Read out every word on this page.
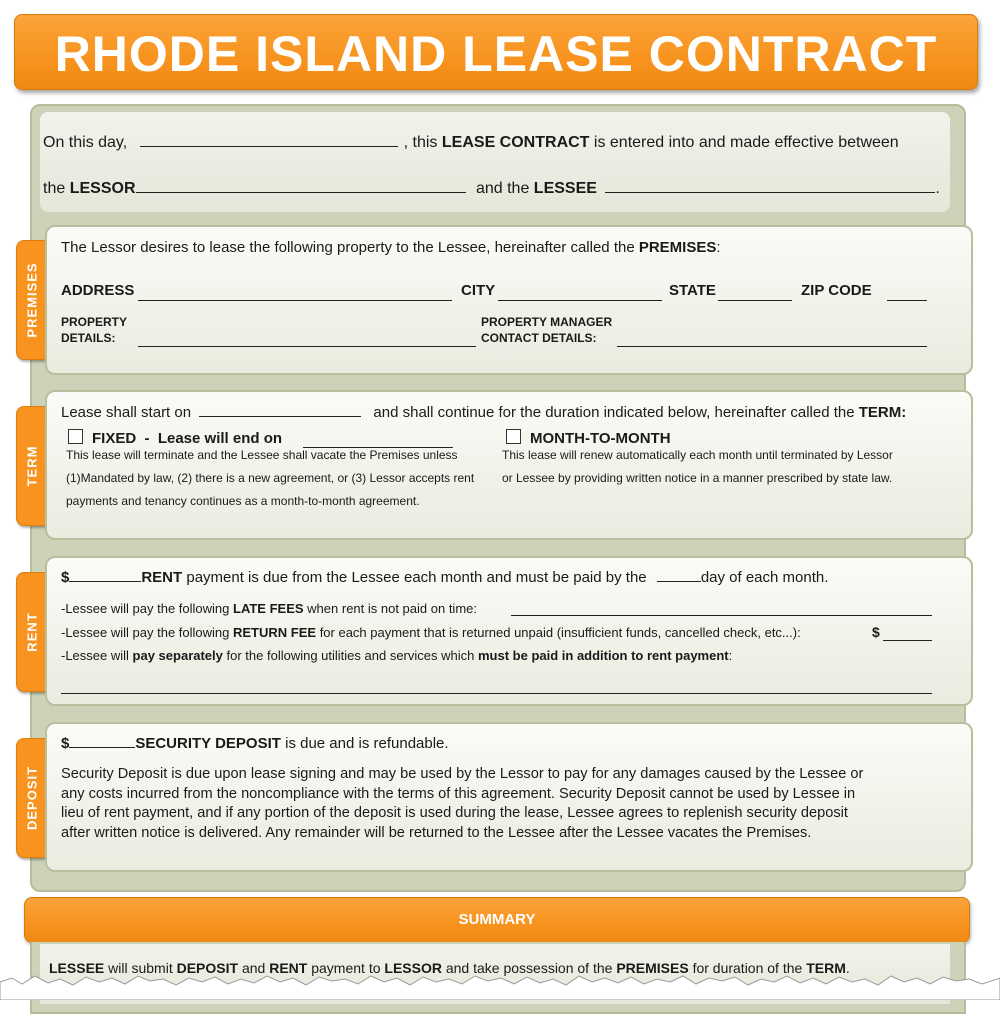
RHODE ISLAND LEASE CONTRACT
On this day,	, this LEASE CONTRACT is entered into and made effective between
the LESSOR	and the LESSEE	.
PREMISES
The Lessor desires to lease the following property to the Lessee, hereinafter called the PREMISES:
ADDRESS	CITY	STATE	ZIP CODE
PROPERTY
DETAILS:
PROPERTY MANAGER
CONTACT DETAILS:
TERM
Lease shall start on	and shall continue for the duration indicated below, hereinafter called the TERM:
FIXED  -  Lease will end on
This lease will terminate and the Lessee shall vacate the Premises unless
(1)Mandated by law, (2) there is a new agreement, or (3) Lessor accepts rent
payments and tenancy continues as a month-to-month agreement.
MONTH-TO-MONTH
This lease will renew automatically each month until terminated by Lessor
or Lessee by providing written notice in a manner prescribed by state law.
RENT
$	RENT payment is due from the Lessee each month and must be paid by the	day of each month.
-Lessee will pay the following LATE FEES when rent is not paid on time:
-Lessee will pay the following RETURN FEE for each payment that is returned unpaid (insufficient funds, cancelled check, etc...):	$
-Lessee will pay separately for the following utilities and services which must be paid in addition to rent payment:
DEPOSIT
$	SECURITY DEPOSIT is due and is refundable.
Security Deposit is due upon lease signing and may be used by the Lessor to pay for any damages caused by the Lessee or
any costs incurred from the noncompliance with the terms of this agreement. Security Deposit cannot be used by Lessee in
lieu of rent payment, and if any portion of the deposit is used during the lease, Lessee agrees to replenish security deposit
after written notice is delivered. Any remainder will be returned to the Lessee after the Lessee vacates the Premises.
SUMMARY
LESSEE will submit DEPOSIT and RENT payment to LESSOR and take possession of the PREMISES for duration of the TERM.
